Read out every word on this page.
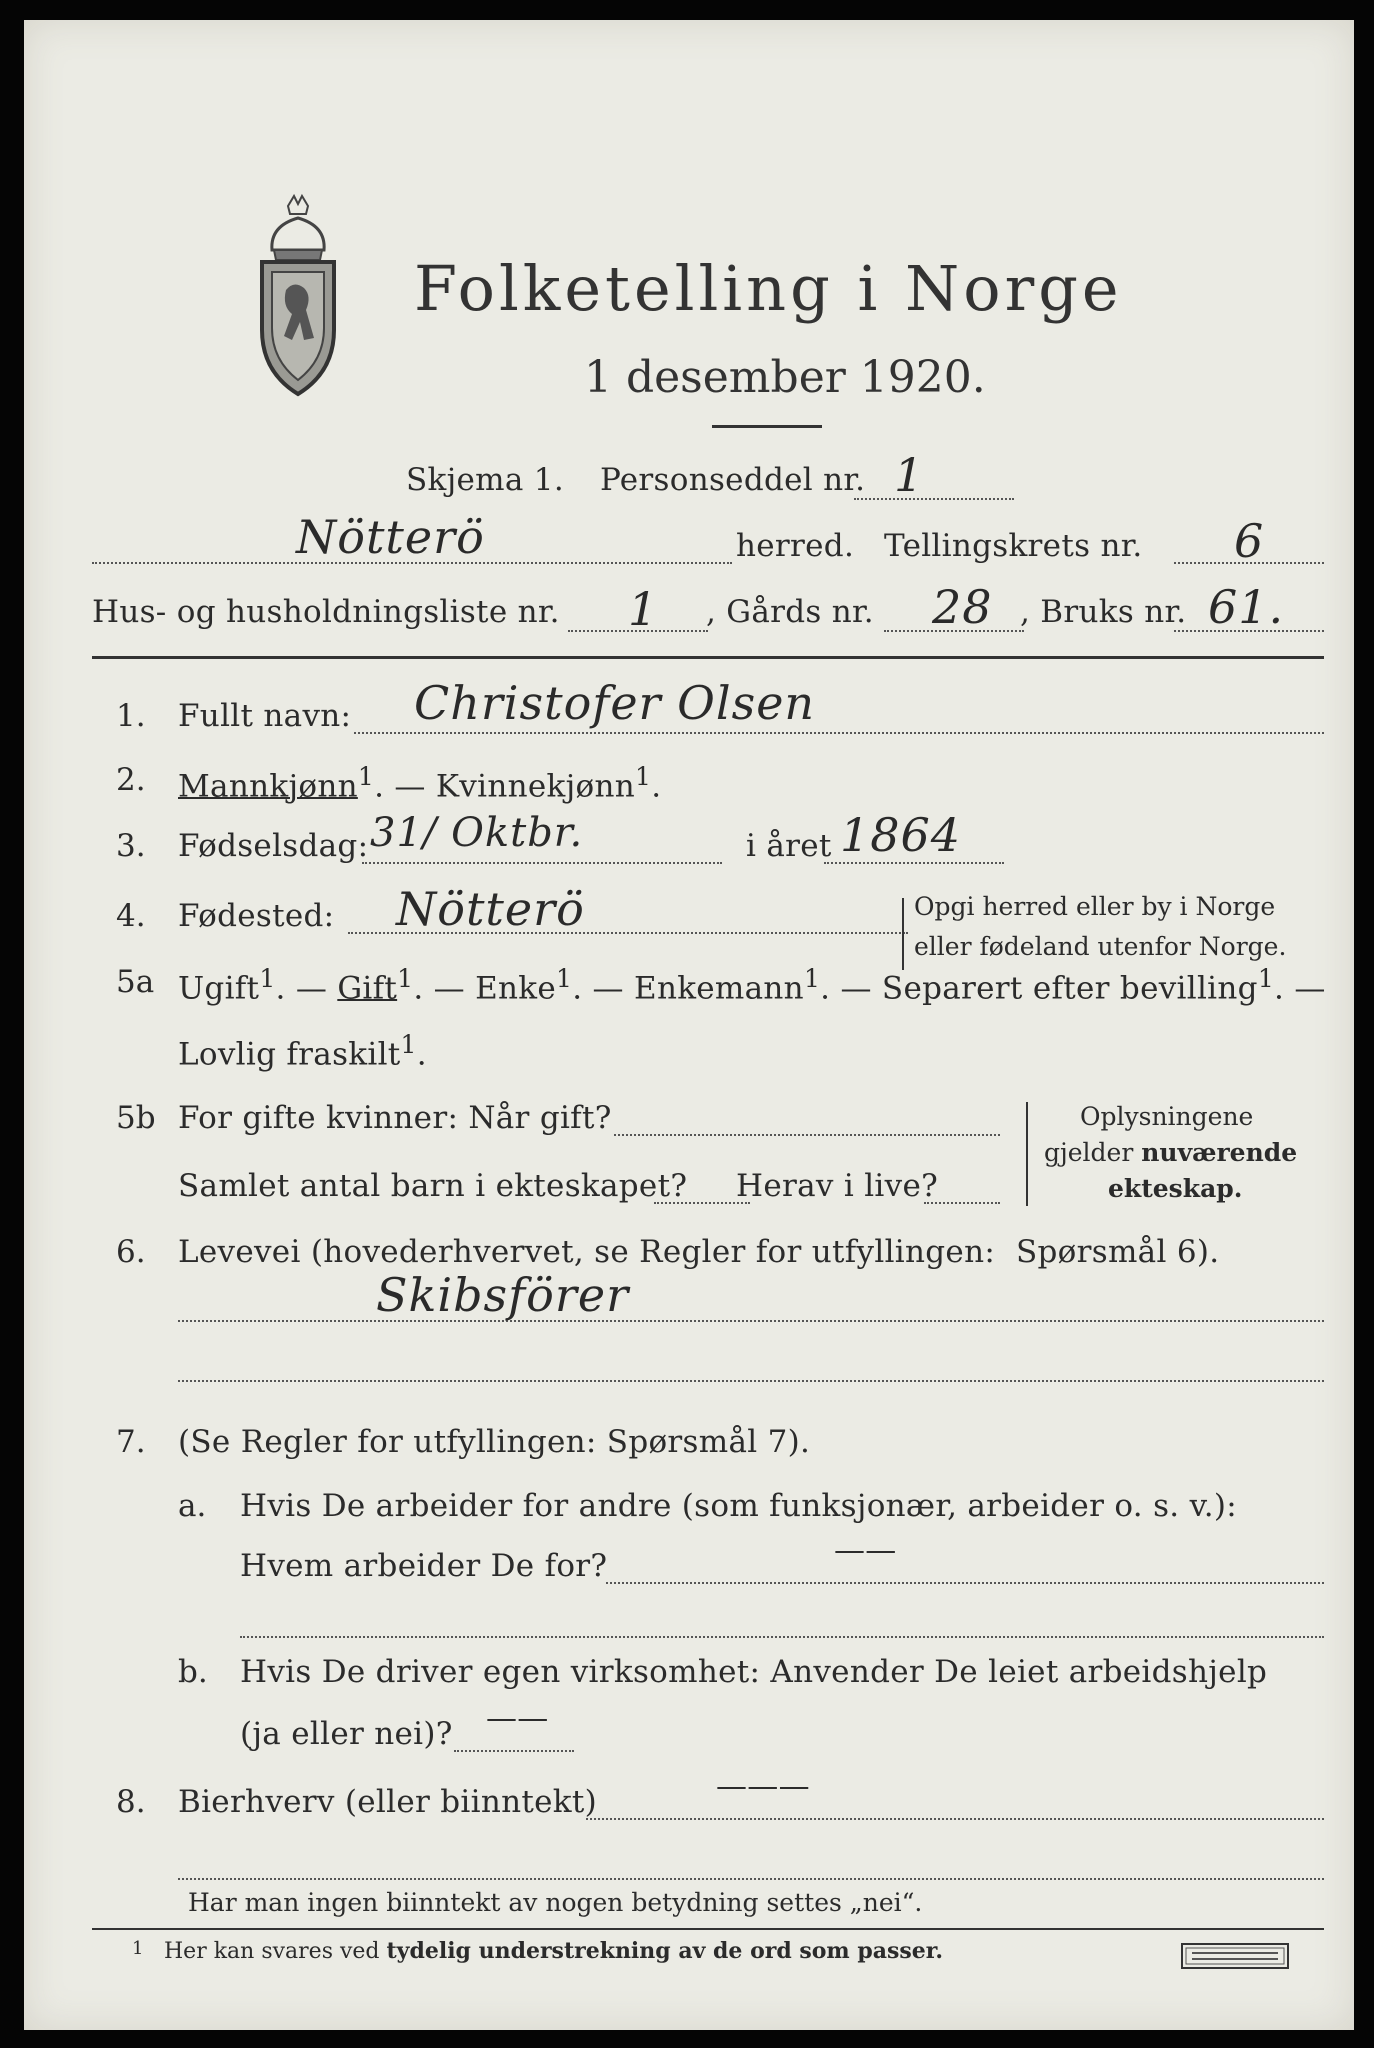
Folketelling i Norge
1 desember 1920.
Skjema 1. Personseddel nr. 1
Nötterö	herred. Tellingskrets nr. 6
Hus- og husholdningsliste nr. 1 , Gårds nr. 28 , Bruks nr. 61.
1. Fullt navn: Christofer Olsen
2. Mannkjønn$^1$. — Kvinnekjønn$^1$.
3. Fødselsdag: 31/ Oktbr.	i året 1864
4. Fødested: Nötterö	Opgi herred eller by i Norge
eller fødeland utenfor Norge.
5a Ugift$^1$. — Gift$^1$. — Enke$^1$. — Enkemann$^1$. — Separert efter bevilling$^1$. —
Lovlig fraskilt$^1$.
5b For gifte kvinner: Når gift?
Samlet antal barn i ekteskapet? Herav i live?
Oplysningene
gjelder nuværende
ekteskap.
6. Levevei (hovederhvervet, se Regler for utfyllingen: Spørsmål 6).
Skibsförer
7. (Se Regler for utfyllingen: Spørsmål 7).
a. Hvis De arbeider for andre (som funksjonær, arbeider o. s. v.):
Hvem arbeider De for?	——
b. Hvis De driver egen virksomhet: Anvender De leiet arbeidshjelp
(ja eller nei)? ——
8. Bierhverv (eller biinntekt)	———
Har man ingen biinntekt av nogen betydning settes „nei“.
1 Her kan svares ved tydelig understrekning av de ord som passer.
